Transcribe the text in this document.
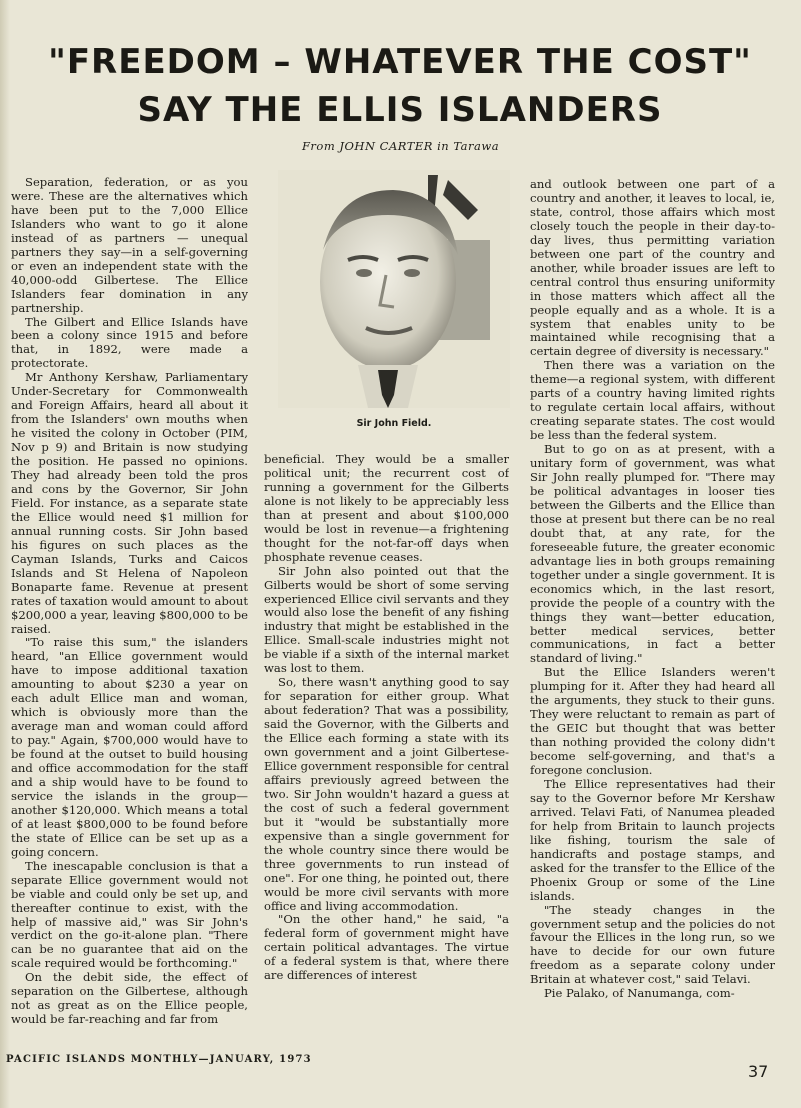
"FREEDOM – WHATEVER THE COST"
SAY THE ELLIS ISLANDERS
From JOHN CARTER in Tarawa
Sir John Field.

Separation, federation, or as you were. These are the alternatives which have been put to the 7,000 Ellice Islanders who want to go it alone instead of as partners — unequal partners they say—in a self-governing or even an independent state with the 40,000-odd Gilbertese. The Ellice Islanders fear domination in any partnership.

The Gilbert and Ellice Islands have been a colony since 1915 and before that, in 1892, were made a protectorate.

Mr Anthony Kershaw, Parliamentary Under-Secretary for Commonwealth and Foreign Affairs, heard all about it from the Islanders' own mouths when he visited the colony in October (PIM, Nov p 9) and Britain is now studying the position. He passed no opinions. They had already been told the pros and cons by the Governor, Sir John Field. For instance, as a separate state the Ellice would need $1 million for annual running costs. Sir John based his figures on such places as the Cayman Islands, Turks and Caicos Islands and St Helena of Napoleon Bonaparte fame. Revenue at present rates of taxation would amount to about $200,000 a year, leaving $800,000 to be raised.

"To raise this sum," the islanders heard, "an Ellice government would have to impose additional taxation amounting to about $230 a year on each adult Ellice man and woman, which is obviously more than the average man and woman could afford to pay." Again, $700,000 would have to be found at the outset to build housing and office accommodation for the staff and a ship would have to be found to service the islands in the group—another $120,000. Which means a total of at least $800,000 to be found before the state of Ellice can be set up as a going concern.

The inescapable conclusion is that a separate Ellice government would not be viable and could only be set up, and thereafter continue to exist, with the help of massive aid," was Sir John's verdict on the go-it-alone plan. "There can be no guarantee that aid on the scale required would be forthcoming."

On the debit side, the effect of separation on the Gilbertese, although not as great as on the Ellice people, would be far-reaching and far from

beneficial. They would be a smaller political unit; the recurrent cost of running a government for the Gilberts alone is not likely to be appreciably less than at present and about $100,000 would be lost in revenue—a frightening thought for the not-far-off days when phosphate revenue ceases.

Sir John also pointed out that the Gilberts would be short of some serving experienced Ellice civil servants and they would also lose the benefit of any fishing industry that might be established in the Ellice. Small-scale industries might not be viable if a sixth of the internal market was lost to them.

So, there wasn't anything good to say for separation for either group. What about federation? That was a possibility, said the Governor, with the Gilberts and the Ellice each forming a state with its own government and a joint Gilbertese-Ellice government responsible for central affairs previously agreed between the two. Sir John wouldn't hazard a guess at the cost of such a federal government but it "would be substantially more expensive than a single government for the whole country since there would be three governments to run instead of one". For one thing, he pointed out, there would be more civil servants with more office and living accommodation.

"On the other hand," he said, "a federal form of government might have certain political advantages. The virtue of a federal system is that, where there are differences of interest

and outlook between one part of a country and another, it leaves to local, ie, state, control, those affairs which most closely touch the people in their day-to-day lives, thus permitting variation between one part of the country and another, while broader issues are left to central control thus ensuring uniformity in those matters which affect all the people equally and as a whole. It is a system that enables unity to be maintained while recognising that a certain degree of diversity is necessary."

Then there was a variation on the theme—a regional system, with different parts of a country having limited rights to regulate certain local affairs, without creating separate states. The cost would be less than the federal system.

But to go on as at present, with a unitary form of government, was what Sir John really plumped for. "There may be political advantages in looser ties between the Gilberts and the Ellice than those at present but there can be no real doubt that, at any rate, for the foreseeable future, the greater economic advantage lies in both groups remaining together under a single government. It is economics which, in the last resort, provide the people of a country with the things they want—better education, better medical services, better communications, in fact a better standard of living."

But the Ellice Islanders weren't plumping for it. After they had heard all the arguments, they stuck to their guns. They were reluctant to remain as part of the GEIC but thought that was better than nothing provided the colony didn't become self-governing, and that's a foregone conclusion.

The Ellice representatives had their say to the Governor before Mr Kershaw arrived. Telavi Fati, of Nanumea pleaded for help from Britain to launch projects like fishing, tourism the sale of handicrafts and postage stamps, and asked for the transfer to the Ellice of the Phoenix Group or some of the Line islands.

"The steady changes in the government setup and the policies do not favour the Ellices in the long run, so we have to decide for our own future freedom as a separate colony under Britain at whatever cost," said Telavi.

Pie Palako, of Nanumanga, com-

PACIFIC ISLANDS MONTHLY—JANUARY, 1973
37
